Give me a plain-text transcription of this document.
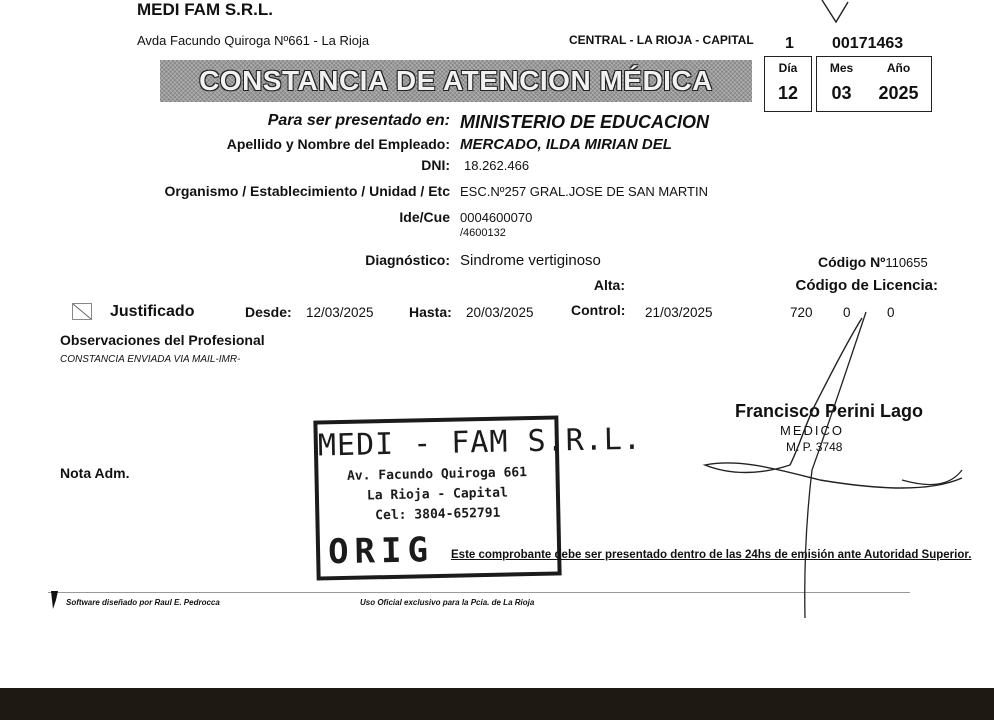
MEDI FAM S.R.L.
Avda Facundo Quiroga Nº661 - La Rioja	CENTRAL - LA RIOJA - CAPITAL 1 00171463
CONSTANCIA DE ATENCION MÉDICA	Día
12
Mes
03
Año
2025
Para ser presentado en: MINISTERIO DE EDUCACION
Apellido y Nombre del Empleado: MERCADO, ILDA MIRIAN DEL
DNI: 18.262.466
Organismo / Establecimiento / Unidad / Etc ESC.Nº257 GRAL.JOSE DE SAN MARTIN
Ide/Cue 0004600070
/4600132
Diagnóstico: Sindrome vertiginoso	Código Nº110655
Alta:	Código de Licencia:
Justificado	Desde: 12/03/2025	Hasta: 20/03/2025	Control: 21/03/2025	720 0	0
Observaciones del Profesional
CONSTANCIA ENVIADA VIA MAIL-IMR-
Nota Adm.
MEDI - FAM S.R.L.
Av. Facundo Quiroga 661
La Rioja - Capital
Cel: 3804-652791
ORIG
Francisco Perini Lago
MEDICO
M. P. 3748
Este comprobante debe ser presentado dentro de las 24hs de emisión ante Autoridad Superior.
Software diseñado por Raul E. Pedrocca	Uso Oficial exclusivo para la Pcia. de La Rioja
